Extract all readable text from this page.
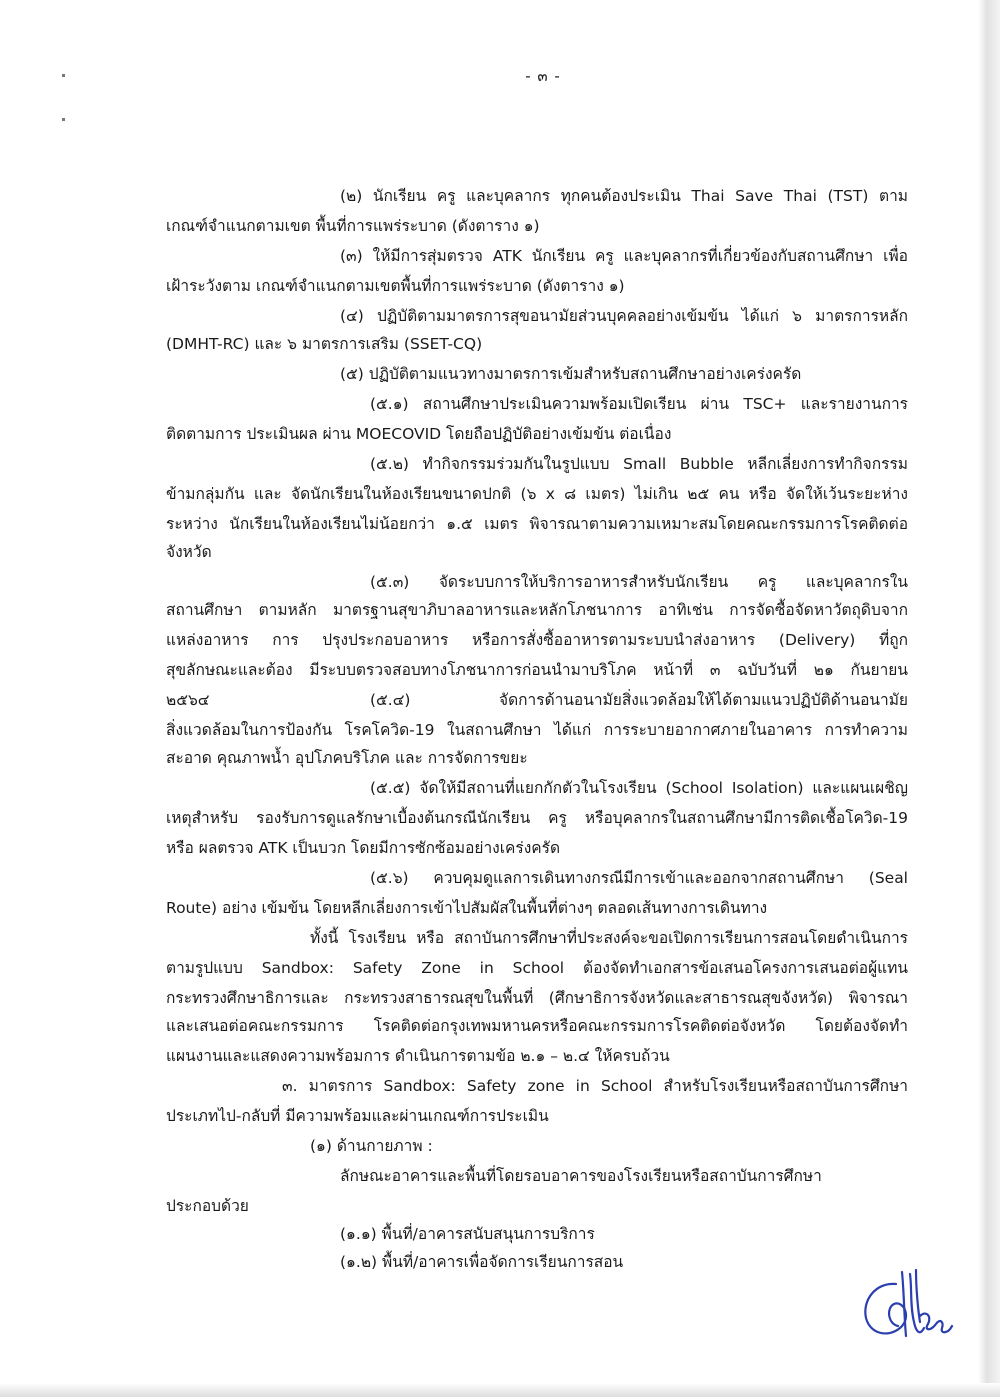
- ๓ -
(๒) นักเรียน ครู และบุคลากร ทุกคนต้องประเมิน Thai Save Thai (TST) ตาม
เกณฑ์จำแนกตามเขต พื้นที่การแพร่ระบาด (ดังตาราง ๑)
(๓) ให้มีการสุ่มตรวจ ATK นักเรียน ครู และบุคลากรที่เกี่ยวข้องกับสถานศึกษา เพื่อ
เฝ้าระวังตาม เกณฑ์จำแนกตามเขตพื้นที่การแพร่ระบาด (ดังตาราง ๑)
(๔) ปฏิบัติตามมาตรการสุขอนามัยส่วนบุคคลอย่างเข้มข้น ได้แก่ ๖ มาตรการหลัก
(DMHT-RC) และ ๖ มาตรการเสริม (SSET-CQ)
(๕) ปฏิบัติตามแนวทางมาตรการเข้มสำหรับสถานศึกษาอย่างเคร่งครัด
(๕.๑) สถานศึกษาประเมินความพร้อมเปิดเรียน ผ่าน TSC+ และรายงานการ
ติดตามการ ประเมินผล ผ่าน MOECOVID โดยถือปฏิบัติอย่างเข้มข้น ต่อเนื่อง
(๕.๒) ทำกิจกรรมร่วมกันในรูปแบบ Small Bubble หลีกเลี่ยงการทำกิจกรรม
ข้ามกลุ่มกัน และ จัดนักเรียนในห้องเรียนขนาดปกติ (๖ x ๘ เมตร) ไม่เกิน ๒๕ คน หรือ จัดให้เว้นระยะห่าง
ระหว่าง นักเรียนในห้องเรียนไม่น้อยกว่า ๑.๕ เมตร พิจารณาตามความเหมาะสมโดยคณะกรรมการโรคติดต่อ
จังหวัด
(๕.๓) จัดระบบการให้บริการอาหารสำหรับนักเรียน ครู และบุคลากรใน
สถานศึกษา ตามหลัก มาตรฐานสุขาภิบาลอาหารและหลักโภชนาการ อาทิเช่น การจัดซื้อจัดหาวัตถุดิบจาก
แหล่งอาหาร การ ปรุงประกอบอาหาร หรือการสั่งซื้ออาหารตามระบบนำส่งอาหาร (Delivery) ที่ถูก
สุขลักษณะและต้อง มีระบบตรวจสอบทางโภชนาการก่อนนำมาบริโภค หน้าที่ ๓ ฉบับวันที่ ๒๑ กันยายน
๒๕๖๔	(๕.๔) จัดการด้านอนามัยสิ่งแวดล้อมให้ได้ตามแนวปฏิบัติด้านอนามัย
สิ่งแวดล้อมในการป้องกัน โรคโควิด-19 ในสถานศึกษา ได้แก่ การระบายอากาศภายในอาคาร การทำความ
สะอาด คุณภาพน้ำ อุปโภคบริโภค และ การจัดการขยะ
(๕.๕) จัดให้มีสถานที่แยกกักตัวในโรงเรียน (School Isolation) และแผนเผชิญ
เหตุสำหรับ รองรับการดูแลรักษาเบื้องต้นกรณีนักเรียน ครู หรือบุคลากรในสถานศึกษามีการติดเชื้อโควิด-19
หรือ ผลตรวจ ATK เป็นบวก โดยมีการซักซ้อมอย่างเคร่งครัด
(๕.๖) ควบคุมดูแลการเดินทางกรณีมีการเข้าและออกจากสถานศึกษา (Seal
Route) อย่าง เข้มข้น โดยหลีกเลี่ยงการเข้าไปสัมผัสในพื้นที่ต่างๆ ตลอดเส้นทางการเดินทาง
ทั้งนี้ โรงเรียน หรือ สถาบันการศึกษาที่ประสงค์จะขอเปิดการเรียนการสอนโดยดำเนินการ
ตามรูปแบบ Sandbox: Safety Zone in School ต้องจัดทำเอกสารข้อเสนอโครงการเสนอต่อผู้แทน
กระทรวงศึกษาธิการและ กระทรวงสาธารณสุขในพื้นที่ (ศึกษาธิการจังหวัดและสาธารณสุขจังหวัด) พิจารณา
และเสนอต่อคณะกรรมการ โรคติดต่อกรุงเทพมหานครหรือคณะกรรมการโรคติดต่อจังหวัด โดยต้องจัดทำ
แผนงานและแสดงความพร้อมการ ดำเนินการตามข้อ ๒.๑ – ๒.๔ ให้ครบถ้วน
๓. มาตรการ Sandbox: Safety zone in School สำหรับโรงเรียนหรือสถาบันการศึกษา
ประเภทไป-กลับที่ มีความพร้อมและผ่านเกณฑ์การประเมิน
(๑) ด้านกายภาพ :
ลักษณะอาคารและพื้นที่โดยรอบอาคารของโรงเรียนหรือสถาบันการศึกษา
ประกอบด้วย
(๑.๑) พื้นที่/อาคารสนับสนุนการบริการ
(๑.๒) พื้นที่/อาคารเพื่อจัดการเรียนการสอน
